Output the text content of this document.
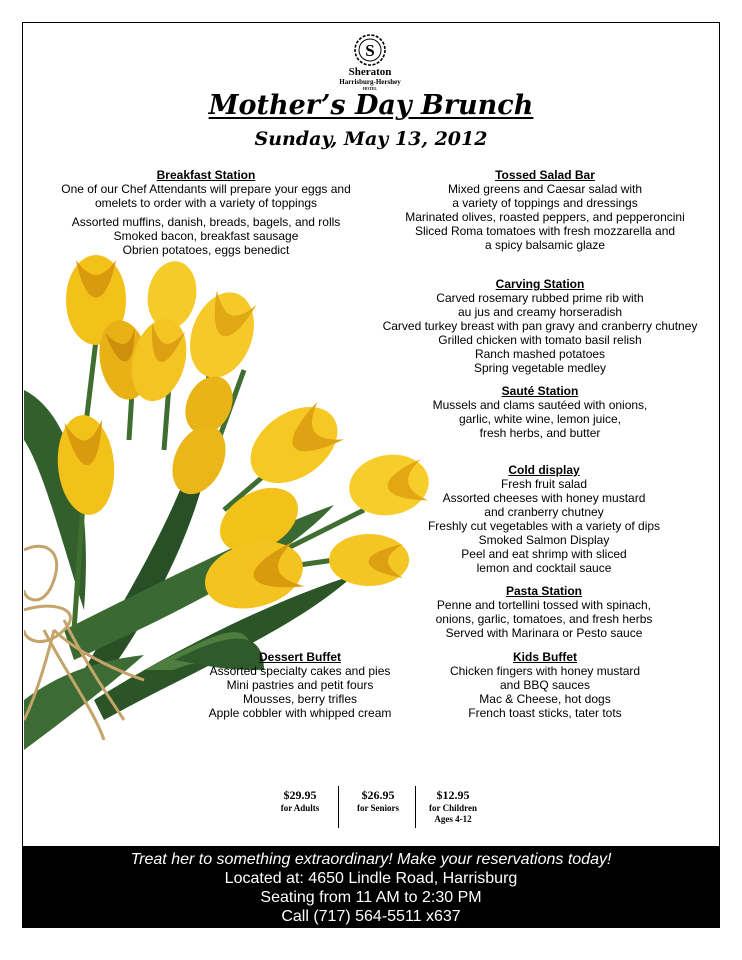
S
Sheraton
Harrisburg-Hershey
HOTEL
Mother’s Day Brunch
Sunday, May 13, 2012
Breakfast Station
One of our Chef Attendants will prepare your eggs and
omelets to order with a variety of toppings
Assorted muffins, danish, breads, bagels, and rolls
Smoked bacon, breakfast sausage
Obrien potatoes, eggs benedict
Tossed Salad Bar
Mixed greens and Caesar salad with
a variety of toppings and dressings
Marinated olives, roasted peppers, and pepperoncini
Sliced Roma tomatoes with fresh mozzarella and
a spicy balsamic glaze
Carving Station
Carved rosemary rubbed prime rib with
au jus and creamy horseradish
Carved turkey breast with pan gravy and cranberry chutney
Grilled chicken with tomato basil relish
Ranch mashed potatoes
Spring vegetable medley
Sauté Station
Mussels and clams sautéed with onions,
garlic, white wine, lemon juice,
fresh herbs, and butter
Cold display
Fresh fruit salad
Assorted cheeses with honey mustard
and cranberry chutney
Freshly cut vegetables with a variety of dips
Smoked Salmon Display
Peel and eat shrimp with sliced
lemon and cocktail sauce
Pasta Station
Penne and tortellini tossed with spinach,
onions, garlic, tomatoes, and fresh herbs
Served with Marinara or Pesto sauce
Dessert Buffet
Assorted specialty cakes and pies
Mini pastries and petit fours
Mousses, berry trifles
Apple cobbler with whipped cream
Kids Buffet
Chicken fingers with honey mustard
and BBQ sauces
Mac & Cheese, hot dogs
French toast sticks, tater tots
$29.95
for Adults
$26.95
for Seniors
$12.95
for Children
Ages 4-12
Treat her to something extraordinary! Make your reservations today!
Located at: 4650 Lindle Road, Harrisburg
Seating from 11 AM to 2:30 PM
Call (717) 564-5511 x637
